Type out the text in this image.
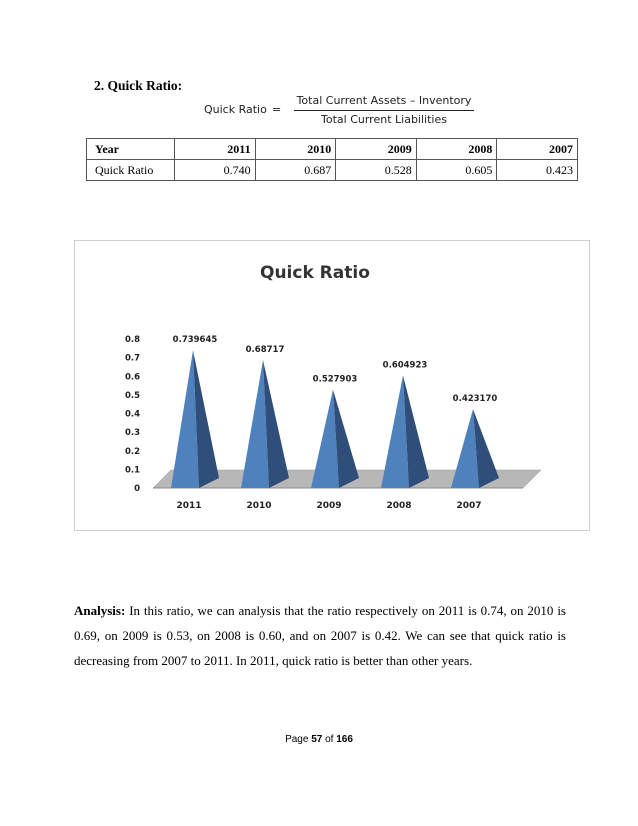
2. Quick Ratio:
Quick Ratio =
Total Current Assets – Inventory
Total Current Liabilities
Year	2011	2010	2009	2008	2007
Quick Ratio	0.740	0.687	0.528	0.605	0.423
Quick Ratio
0
0.1
0.2
0.3
0.4
0.5
0.6
0.7
0.8	0.739645
2011
0.68717
2010
0.527903
2009
0.604923
2008
0.423170
2007
Analysis: In this ratio, we can analysis that the ratio respectively on 2011 is 0.74, on 2010 is
0.69, on 2009 is 0.53, on 2008 is 0.60, and on 2007 is 0.42. We can see that quick ratio is
decreasing from 2007 to 2011. In 2011, quick ratio is better than other years.
Page 57 of 166
